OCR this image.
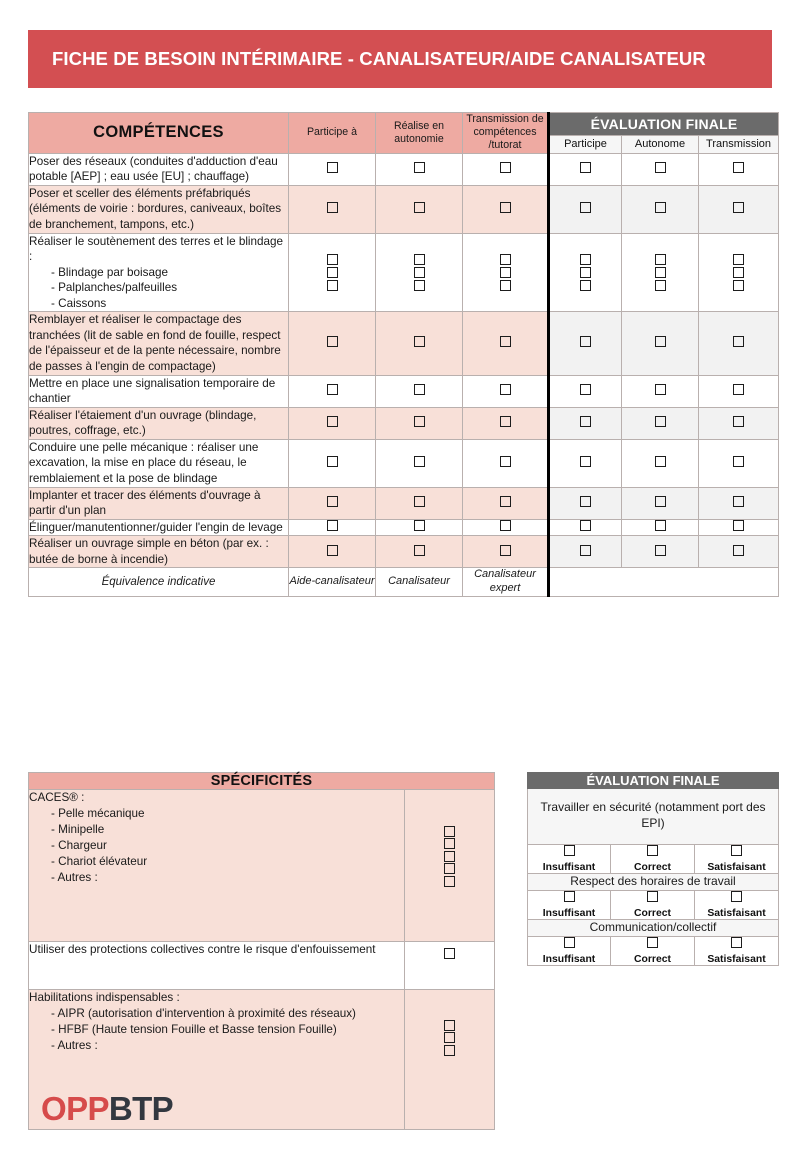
FICHE DE BESOIN INTÉRIMAIRE - CANALISATEUR/AIDE CANALISATEUR
COMPÉTENCES	Participe à	Réalise en autonomie	Transmission de compétences /tutorat	ÉVALUATION FINALE		
				Participe	Autonome	Transmission
Poser des réseaux (conduites d'adduction d'eau potable [AEP] ; eau usée [EU] ; chauffage)						
Poser et sceller des éléments préfabriqués (éléments de voirie : bordures, caniveaux, boîtes de branchement, tampons, etc.)						
Réaliser le soutènement des terres et le blindage :
- Blindage par boisage
- Palplanches/palfeuilles
- Caissons						

Remblayer et réaliser le compactage des tranchées (lit de sable en fond de fouille, respect de l'épaisseur et de la pente nécessaire, nombre de passes à l'engin de compactage)						
Mettre en place une signalisation temporaire de chantier						
Réaliser l'étaiement d'un ouvrage (blindage, poutres, coffrage, etc.)						
Conduire une pelle mécanique : réaliser une excavation, la mise en place du réseau, le remblaiement et la pose de blindage						
Implanter et tracer des éléments d'ouvrage à partir d'un plan						
Élinguer/manutentionner/guider l'engin de levage						
Réaliser un ouvrage simple en béton (par ex. : butée de borne à incendie)						
Équivalence indicative	Aide-canalisateur	Canalisateur	Canalisateur expert			
SPÉCIFICITÉS	
CACES® :
- Pelle mécanique
- Minipelle
- Chargeur
- Chariot élévateur
- Autres :

Utiliser des protections collectives contre le risque d'enfouissement	
Habilitations indispensables :
- AIPR (autorisation d'intervention à proximité des réseaux)
- HFBF (Haute tension Fouille et Basse tension Fouille)
- Autres :	

ÉVALUATION FINALE		
Travailler en sécurité (notamment port des EPI)		

Insuffisant	Correct	Satisfaisant

Respect des horaires de travail		

Insuffisant	Correct	Satisfaisant

Communication/collectif		

Insuffisant	Correct	Satisfaisant
OPPBTP
